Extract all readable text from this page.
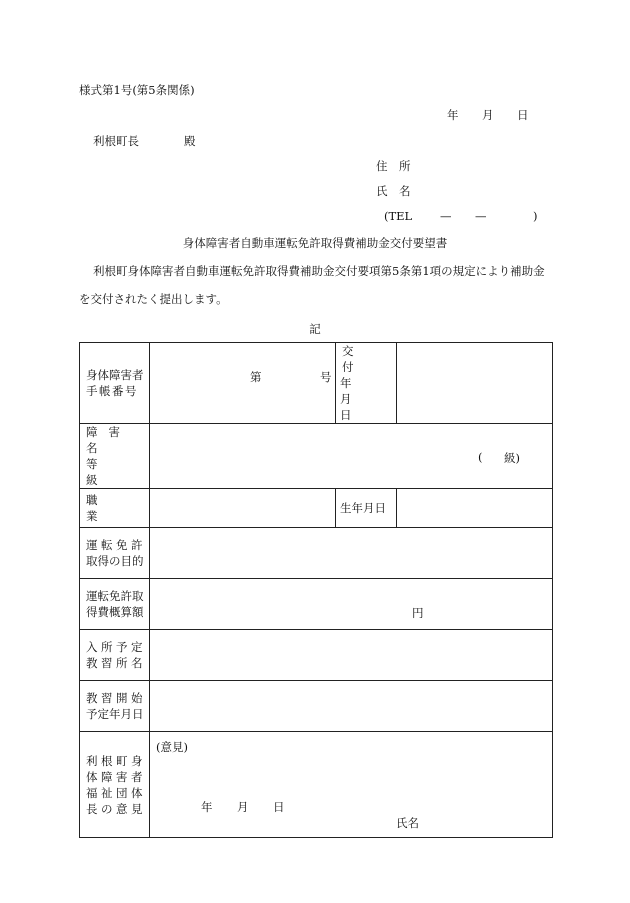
様式第1号(第5条関係)
年 月 日
利根町長	殿
住　所
氏　名
(TEL — —	)
身体障害者自動車運転免許取得費補助金交付要望書
利根町身体障害者自動車運転免許取得費補助金交付要項第5条第1項の規定により補助金
を交付されたく提出します。
記
身体障害者
手帳番号	第 号	交
付
年
月
日	

障害名
等級	( 級)		

職業		生年月日	

運転免許
取得の目的			

運転免許取
得費概算額	円		

入所予定
教習所名			

教習開始
予定年月日			

利根町身
体障害者
福祉団体
長の意見	(意見)
年 月 日
氏名		
